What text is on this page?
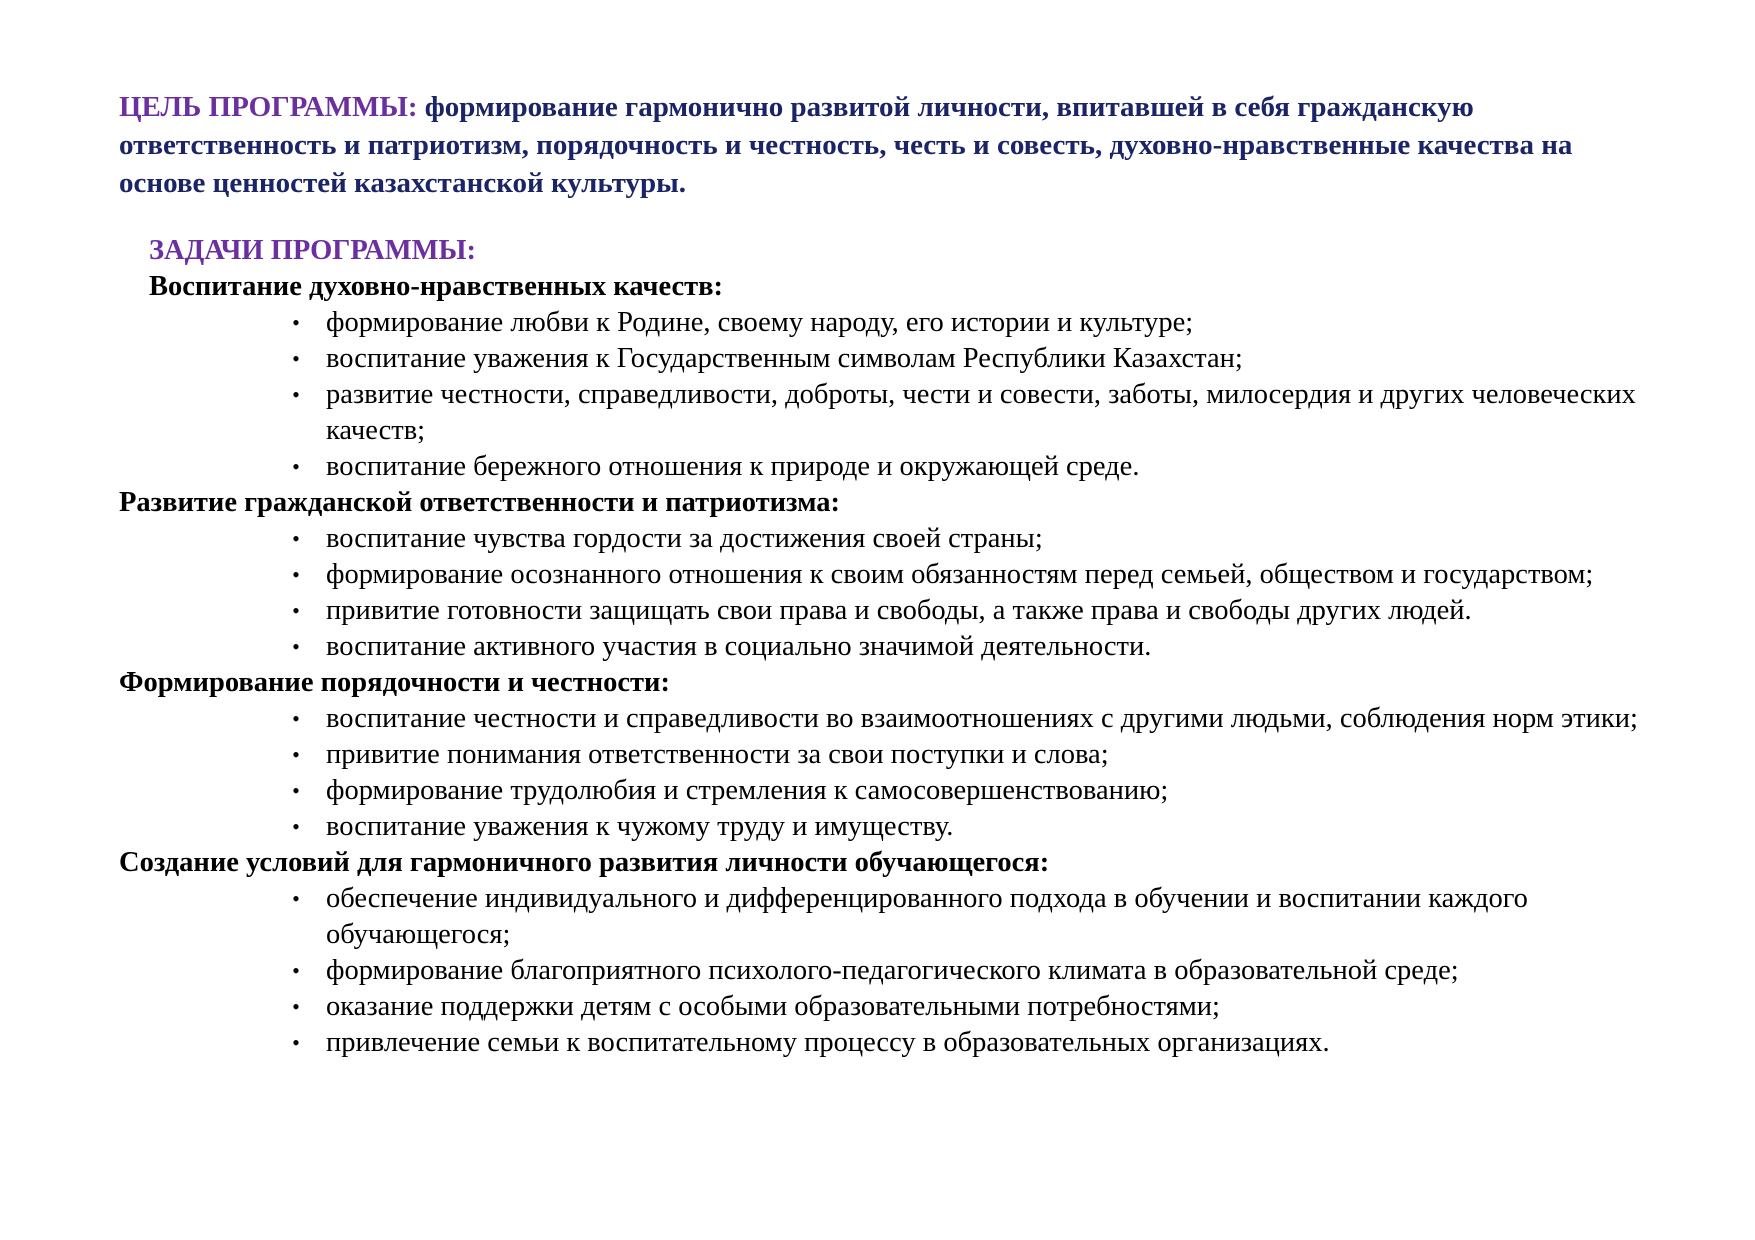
ЦЕЛЬ ПРОГРАММЫ: формирование гармонично развитой личности, впитавшей в себя гражданскую ответственность и патриотизм, порядочность и честность, честь и совесть, духовно-нравственные качества на основе ценностей казахстанской культуры.

ЗАДАЧИ ПРОГРАММЫ:

Воспитание духовно-нравственных качеств:

• формирование любви к Родине, своему народу, его истории и культуре;
• воспитание уважения к Государственным символам Республики Казахстан;
• развитие честности, справедливости, доброты, чести и совести, заботы, милосердия и других человеческих качеств;
• воспитание бережного отношения к природе и окружающей среде.

Развитие гражданской ответственности и патриотизма:

• воспитание чувства гордости за достижения своей страны;
• формирование осознанного отношения к своим обязанностям перед семьей, обществом и государством;
• привитие готовности защищать свои права и свободы, а также права и свободы других людей.
• воспитание активного участия в социально значимой деятельности.

Формирование порядочности и честности:

• воспитание честности и справедливости во взаимоотношениях с другими людьми, соблюдения норм этики;
• привитие понимания ответственности за свои поступки и слова;
• формирование трудолюбия и стремления к самосовершенствованию;
• воспитание уважения к чужому труду и имуществу.

Создание условий для гармоничного развития личности обучающегося:

• обеспечение индивидуального и дифференцированного подхода в обучении и воспитании каждого обучающегося;
• формирование благоприятного психолого-педагогического климата в образовательной среде;
• оказание поддержки детям с особыми образовательными потребностями;
• привлечение семьи к воспитательному процессу в образовательных организациях.
